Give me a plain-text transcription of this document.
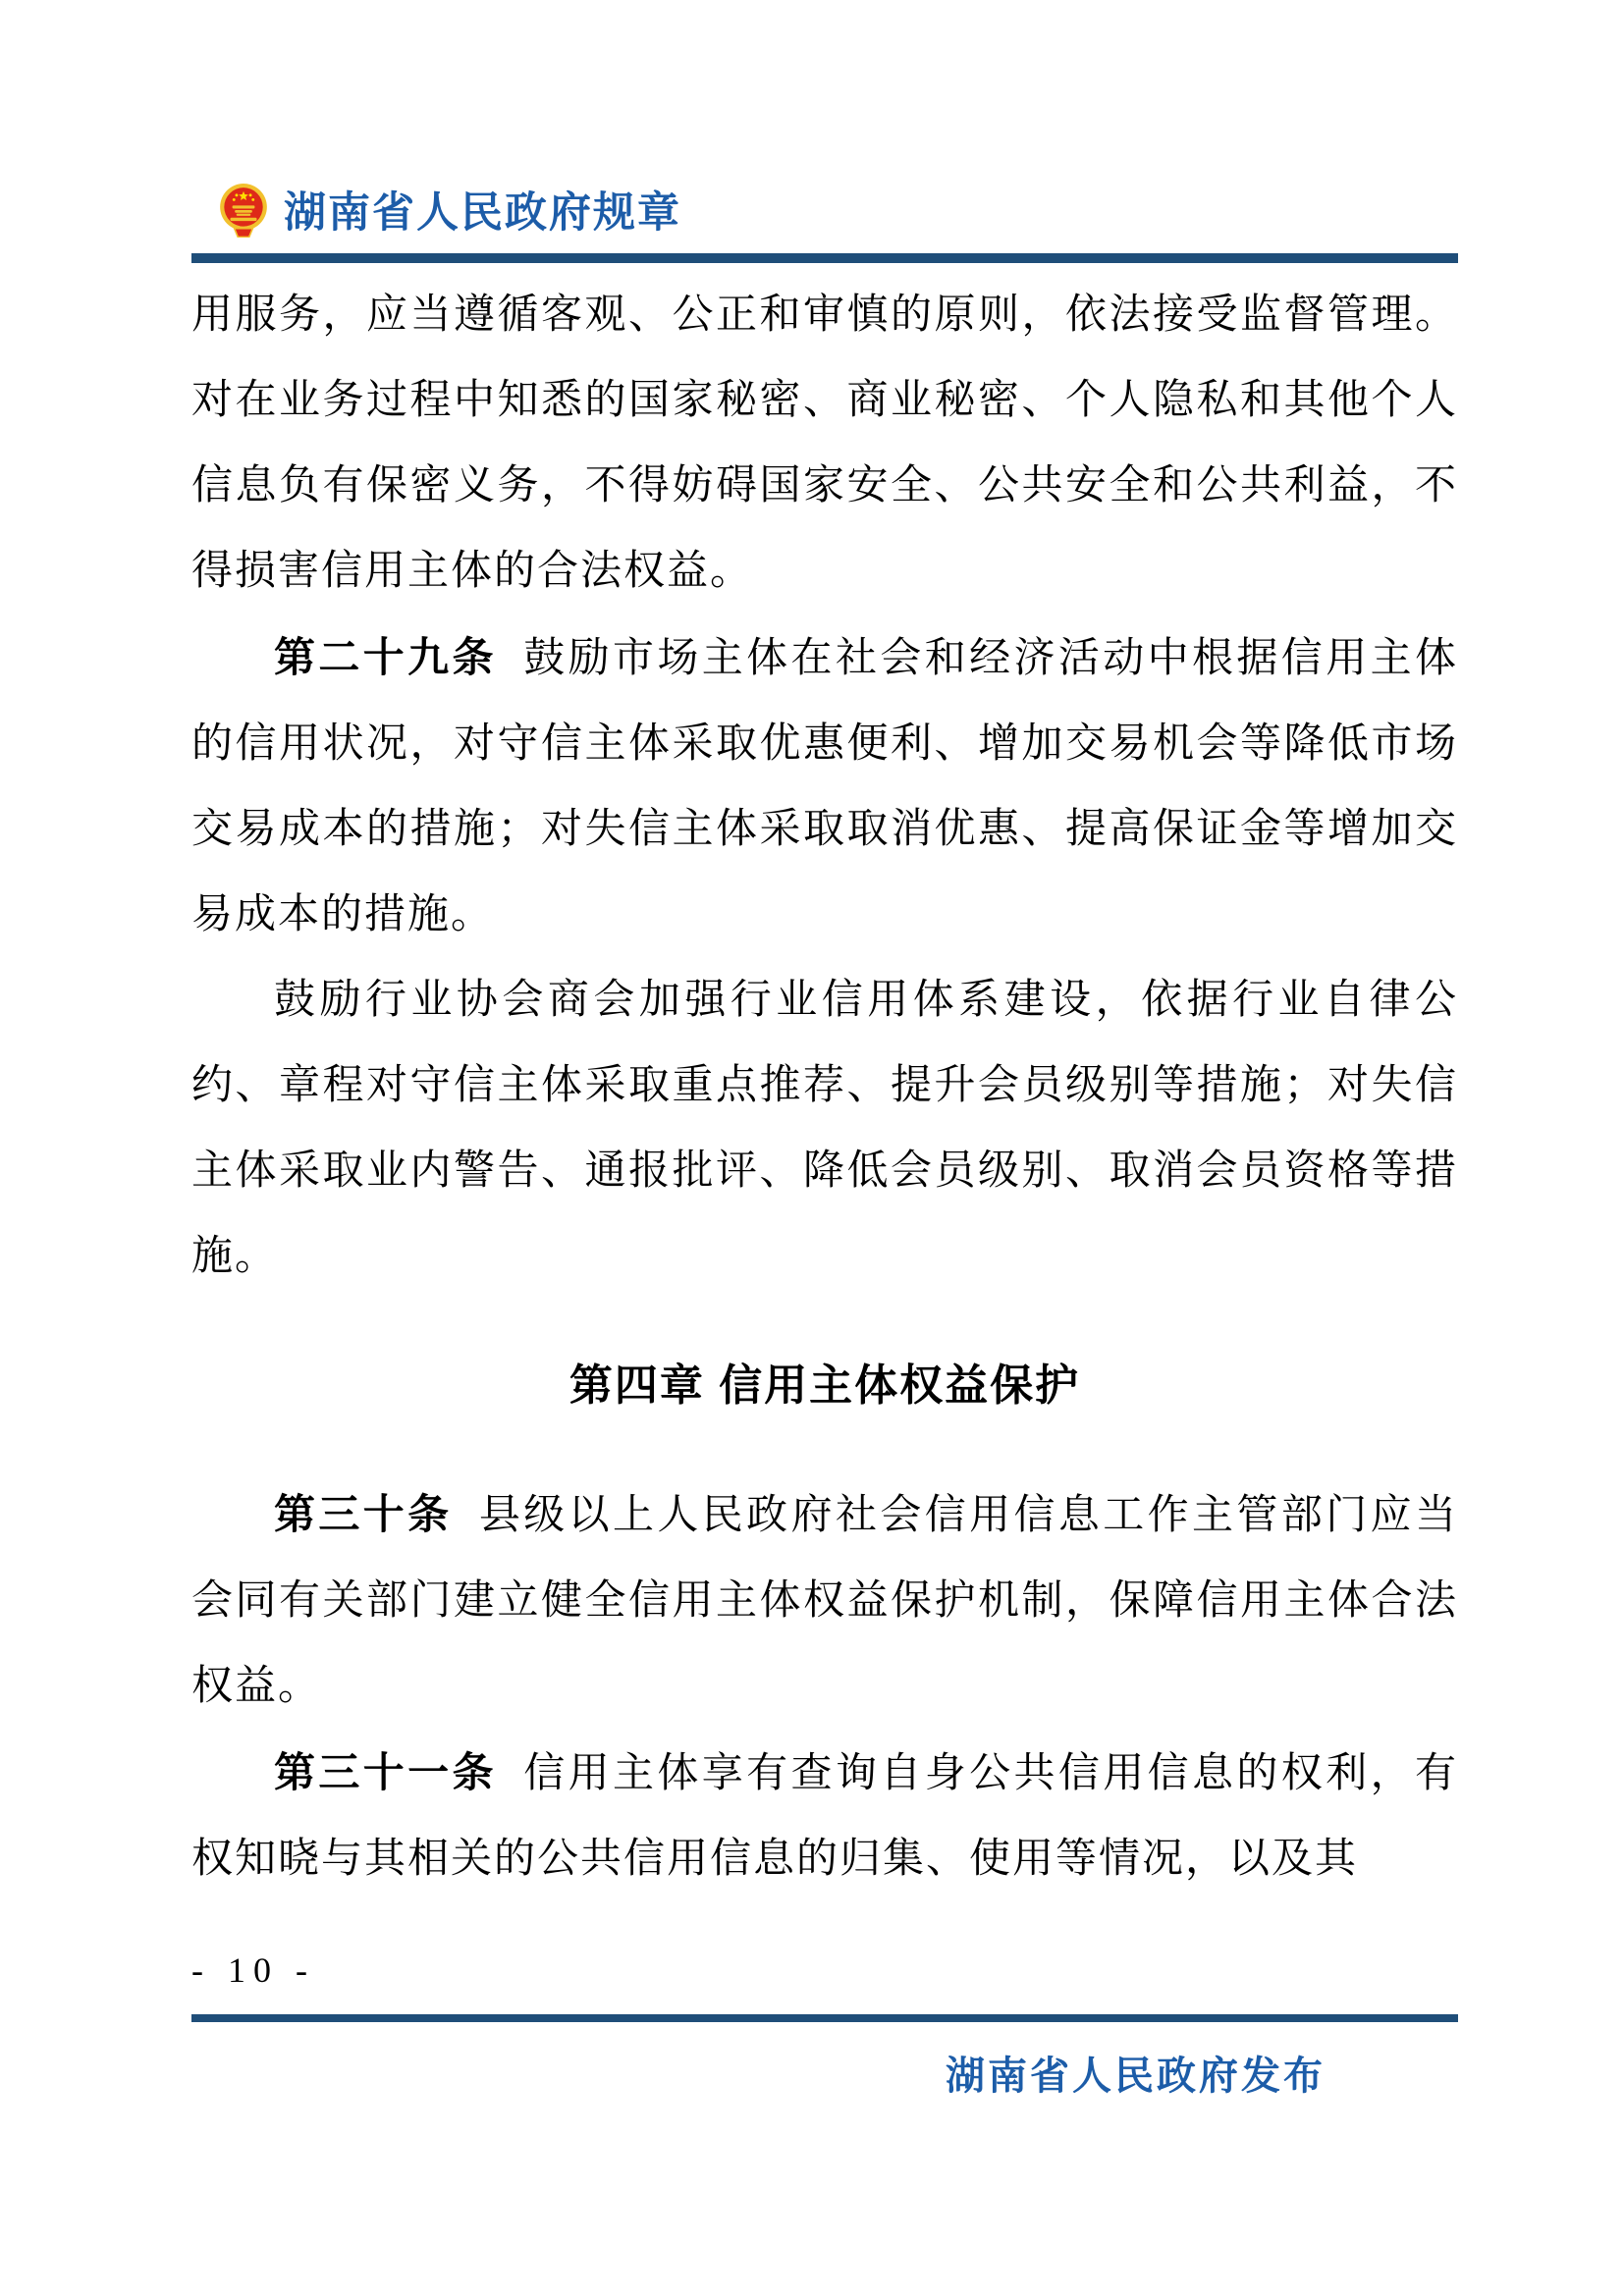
湖南省人民政府规章

用服务，应当遵循客观、公正和审慎的原则，依法接受监督管理。对在业务过程中知悉的国家秘密、商业秘密、个人隐私和其他个人信息负有保密义务，不得妨碍国家安全、公共安全和公共利益，不得损害信用主体的合法权益。

第二十九条 鼓励市场主体在社会和经济活动中根据信用主体的信用状况，对守信主体采取优惠便利、增加交易机会等降低市场交易成本的措施；对失信主体采取取消优惠、提高保证金等增加交易成本的措施。

鼓励行业协会商会加强行业信用体系建设，依据行业自律公约、章程对守信主体采取重点推荐、提升会员级别等措施；对失信主体采取业内警告、通报批评、降低会员级别、取消会员资格等措施。

第四章 信用主体权益保护

第三十条 县级以上人民政府社会信用信息工作主管部门应当会同有关部门建立健全信用主体权益保护机制，保障信用主体合法权益。

第三十一条 信用主体享有查询自身公共信用信息的权利，有权知晓与其相关的公共信用信息的归集、使用等情况，以及其

- 10 -
湖南省人民政府发布
